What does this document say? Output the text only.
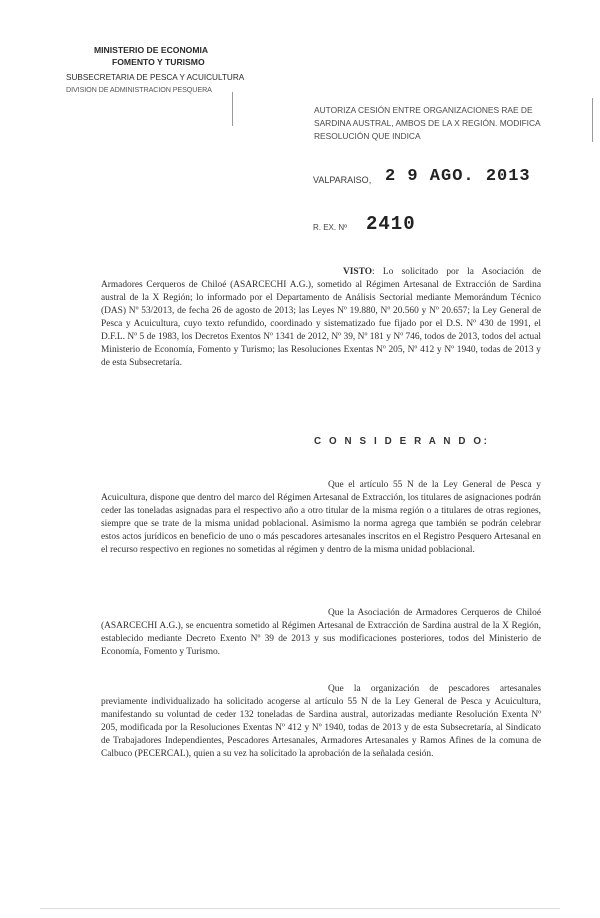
MINISTERIO DE ECONOMIA
FOMENTO Y TURISMO
SUBSECRETARIA DE PESCA Y ACUICULTURA
DIVISION DE ADMINISTRACION PESQUERA
AUTORIZA CESIÓN ENTRE ORGANIZACIONES RAE DE
SARDINA AUSTRAL, AMBOS DE LA X REGIÓN. MODIFICA
RESOLUCIÓN QUE INDICA
VALPARAISO, 2 9 AGO. 2013
R. EX. Nº 2410
VISTO: Lo solicitado por la Asociación de Armadores Cerqueros de Chiloé (ASARCECHI A.G.), sometido al Régimen Artesanal de Extracción de Sardina austral de la X Región; lo informado por el Departamento de Análisis Sectorial mediante Memorándum Técnico (DAS) Nº 53/2013, de fecha 26 de agosto de 2013; las Leyes Nº 19.880, Nº 20.560 y Nº 20.657; la Ley General de Pesca y Acuicultura, cuyo texto refundido, coordinado y sistematizado fue fijado por el D.S. Nº 430 de 1991, el D.F.L. Nº 5 de 1983, los Decretos Exentos Nº 1341 de 2012, Nº 39, Nº 181 y Nº 746, todos de 2013, todos del actual Ministerio de Economía, Fomento y Turismo; las Resoluciones Exentas Nº 205, Nº 412 y Nº 1940, todas de 2013 y de esta Subsecretaría.
C O N S I D E R A N D O:
Que el artículo 55 N de la Ley General de Pesca y Acuicultura, dispone que dentro del marco del Régimen Artesanal de Extracción, los titulares de asignaciones podrán ceder las toneladas asignadas para el respectivo año a otro titular de la misma región o a titulares de otras regiones, siempre que se trate de la misma unidad poblacional. Asimismo la norma agrega que también se podrán celebrar estos actos jurídicos en beneficio de uno o más pescadores artesanales inscritos en el Registro Pesquero Artesanal en el recurso respectivo en regiones no sometidas al régimen y dentro de la misma unidad poblacional.
Que la Asociación de Armadores Cerqueros de Chiloé (ASARCECHI A.G.), se encuentra sometido al Régimen Artesanal de Extracción de Sardina austral de la X Región, establecido mediante Decreto Exento Nº 39 de 2013 y sus modificaciones posteriores, todos del Ministerio de Economía, Fomento y Turismo.
Que la organización de pescadores artesanales previamente individualizado ha solicitado acogerse al artículo 55 N de la Ley General de Pesca y Acuicultura, manifestando su voluntad de ceder 132 toneladas de Sardina austral, autorizadas mediante Resolución Exenta Nº 205, modificada por la Resoluciones Exentas Nº 412 y Nº 1940, todas de 2013 y de esta Subsecretaría, al Sindicato de Trabajadores Independientes, Pescadores Artesanales, Armadores Artesanales y Ramos Afines de la comuna de Calbuco (PECERCAL), quien a su vez ha solicitado la aprobación de la señalada cesión.
